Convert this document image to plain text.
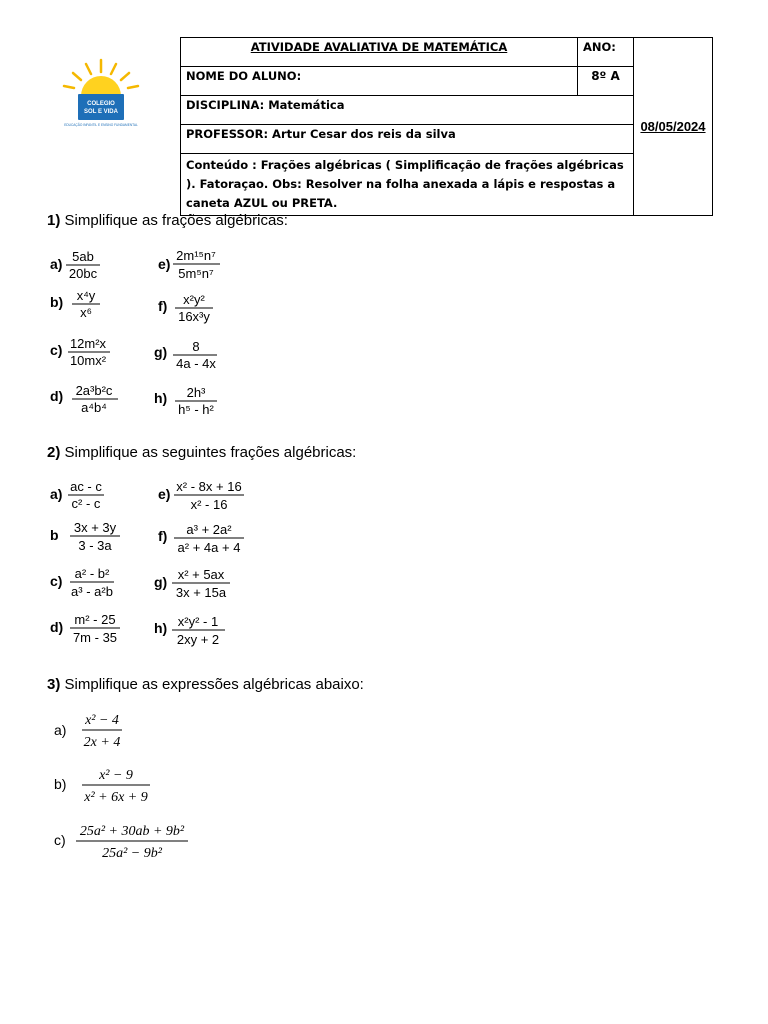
COLEGIO
SOL E VIDA
EDUCAÇÃO INFANTIL E ENSINO FUNDAMENTAL
ATIVIDADE AVALIATIVA DE MATEMÁTICA	ANO:	08/05/2024
NOME DO ALUNO:	8º A	
DISCIPLINA: Matemática		
PROFESSOR: Artur Cesar dos reis da silva		
Conteúdo : Frações algébricas ( Simplificação de frações algébricas ). Fatoraçao. Obs: Resolver na folha anexada a lápis e respostas a caneta AZUL ou PRETA.		
1) Simplifique as frações algébricas:
2) Simplifique as seguintes frações algébricas:
3) Simplifique as expressões algébricas abaixo:
a) 5ab
20bc
b) x⁴y
x⁶
c) 12m²x
10mx²
d) 2a³b²c
a⁴b⁴
e)
2m¹⁵n⁷
5m⁵n⁷
f) x²y²
16x³y
g) 8
4a - 4x
h) 2h³
h⁵ - h²
a) ac - c
c² - c
b 3x + 3y
3 - 3a
c) a² - b²
a³ - a²b
d) m² - 25
7m - 35
e) x² - 8x + 16
x² - 16
f) a³ + 2a²
a² + 4a + 4
g) x² + 5ax
3x + 15a
h) x²y² - 1
2xy + 2
a)
x² − 4
2x + 4
b)
x² − 9
x² + 6x + 9
c)
25a² + 30ab + 9b²
25a² − 9b²
